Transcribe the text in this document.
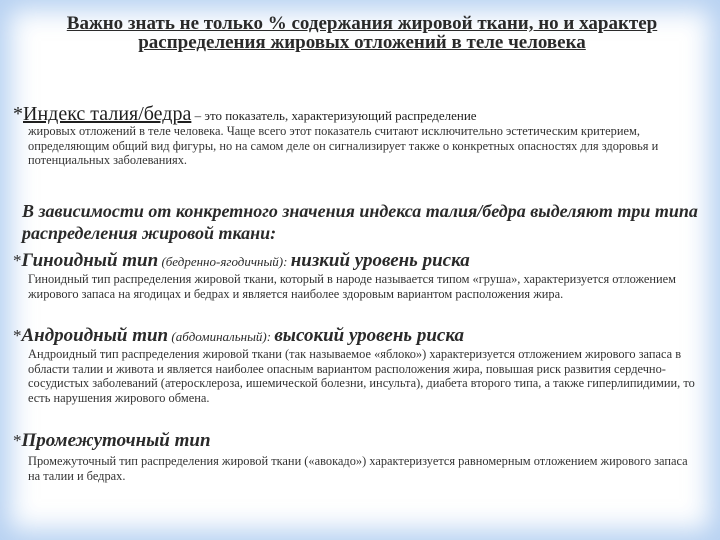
Важно знать не только % содержания жировой ткани, но и характер распределения жировых отложений в теле человека
*Индекс талия/бедра – это показатель, характеризующий распределение

жировых отложений в теле человека. Чаще всего этот показатель считают исключительно эстетическим критерием, определяющим общий вид фигуры, но на самом деле он сигнализирует также о конкретных опасностях для здоровья и потенциальных заболеваниях.

В зависимости от конкретного значения индекса талия/бедра выделяют три типа распределения жировой ткани:
*Гиноидный тип (бедренно-ягодичный): низкий уровень риска

Гиноидный тип распределения жировой ткани, который в народе называется типом «груша», характеризуется отложением жирового запаса на ягодицах и бедрах и является наиболее здоровым вариантом расположения жира.

*Андроидный тип (абдоминальный): высокий уровень риска

Андроидный тип распределения жировой ткани (так называемое «яблоко») характеризуется отложением жирового запаса в области талии и живота и является наиболее опасным вариантом расположения жира, повышая риск развития сердечно-сосудистых заболеваний (атеросклероза, ишемической болезни, инсульта), диабета второго типа, а также гиперлипидимии, то есть нарушения жирового обмена.

*Промежуточный тип

Промежуточный тип распределения жировой ткани («авокадо») характеризуется равномерным отложением жирового запаса на талии и бедрах.
